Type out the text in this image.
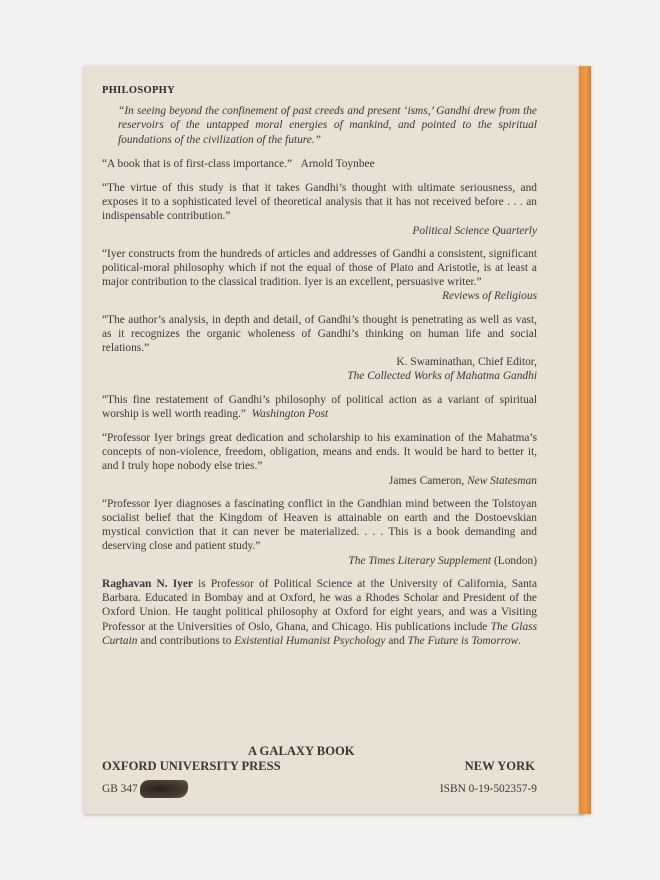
PHILOSOPHY
“In seeing beyond the confinement of past creeds and present ‘isms,’ Gandhi drew from the reservoirs of the untapped moral energies of mankind, and pointed to the spiritual foundations of the civilization of the future.”

“A book that is of first-class importance.” Arnold Toynbee

“The virtue of this study is that it takes Gandhi’s thought with ultimate seriousness, and exposes it to a sophisticated level of theoretical analysis that it has not received before . . . an indispensable contribution.”
Political Science Quarterly
“Iyer constructs from the hundreds of articles and addresses of Gandhi a consistent, significant political-moral philosophy which if not the equal of those of Plato and Aristotle, is at least a major contribution to the classical tradition. Iyer is an excellent, persuasive writer.”
Reviews of Religious
“The author’s analysis, in depth and detail, of Gandhi’s thought is penetrating as well as vast, as it recognizes the organic wholeness of Gandhi’s thinking on human life and social relations.”
K. Swaminathan, Chief Editor,
The Collected Works of Mahatma Gandhi

“This fine restatement of Gandhi’s philosophy of political action as a variant of spiritual worship is well worth reading.” Washington Post

“Professor Iyer brings great dedication and scholarship to his examination of the Mahatma’s concepts of non-violence, freedom, obligation, means and ends. It would be hard to better it, and I truly hope nobody else tries.”
James Cameron, New Statesman
“Professor Iyer diagnoses a fascinating conflict in the Gandhian mind between the Tolstoyan socialist belief that the Kingdom of Heaven is attainable on earth and the Dostoevskian mystical conviction that it can never be materialized. . . . This is a book demanding and deserving close and patient study.”
The Times Literary Supplement (London)
Raghavan N. Iyer is Professor of Political Science at the University of California, Santa Barbara. Educated in Bombay and at Oxford, he was a Rhodes Scholar and President of the Oxford Union. He taught political philosophy at Oxford for eight years, and was a Visiting Professor at the Universities of Oslo, Ghana, and Chicago. His publications include The Glass Curtain and contributions to Existential Humanist Psychology and The Future is Tomorrow.
A GALAXY BOOK
OXFORD UNIVERSITY PRESS	NEW YORK
GB 347	ISBN 0-19-502357-9
